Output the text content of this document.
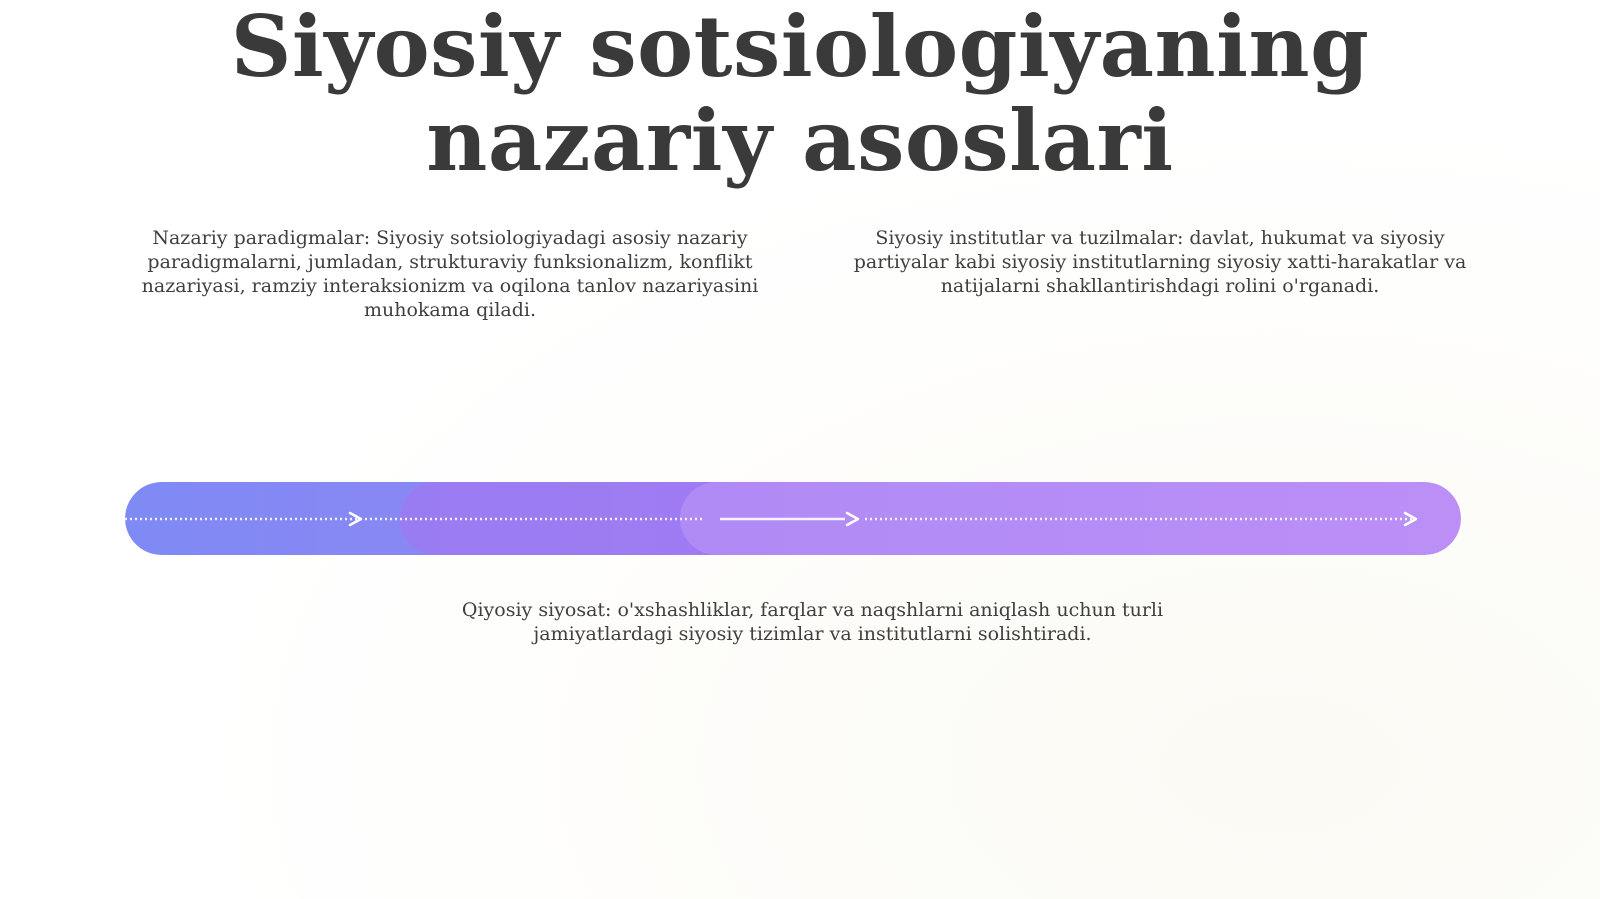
Siyosiy sotsiologiyaning nazariy asoslari

Nazariy paradigmalar: Siyosiy sotsiologiyadagi asosiy nazariy paradigmalarni, jumladan, strukturaviy funksionalizm, konflikt nazariyasi, ramziy interaksionizm va oqilona tanlov nazariyasini muhokama qiladi.

Siyosiy institutlar va tuzilmalar: davlat, hukumat va siyosiy partiyalar kabi siyosiy institutlarning siyosiy xatti-harakatlar va natijalarni shakllantirishdagi rolini o'rganadi.

Qiyosiy siyosat: o'xshashliklar, farqlar va naqshlarni aniqlash uchun turli jamiyatlardagi siyosiy tizimlar va institutlarni solishtiradi.
